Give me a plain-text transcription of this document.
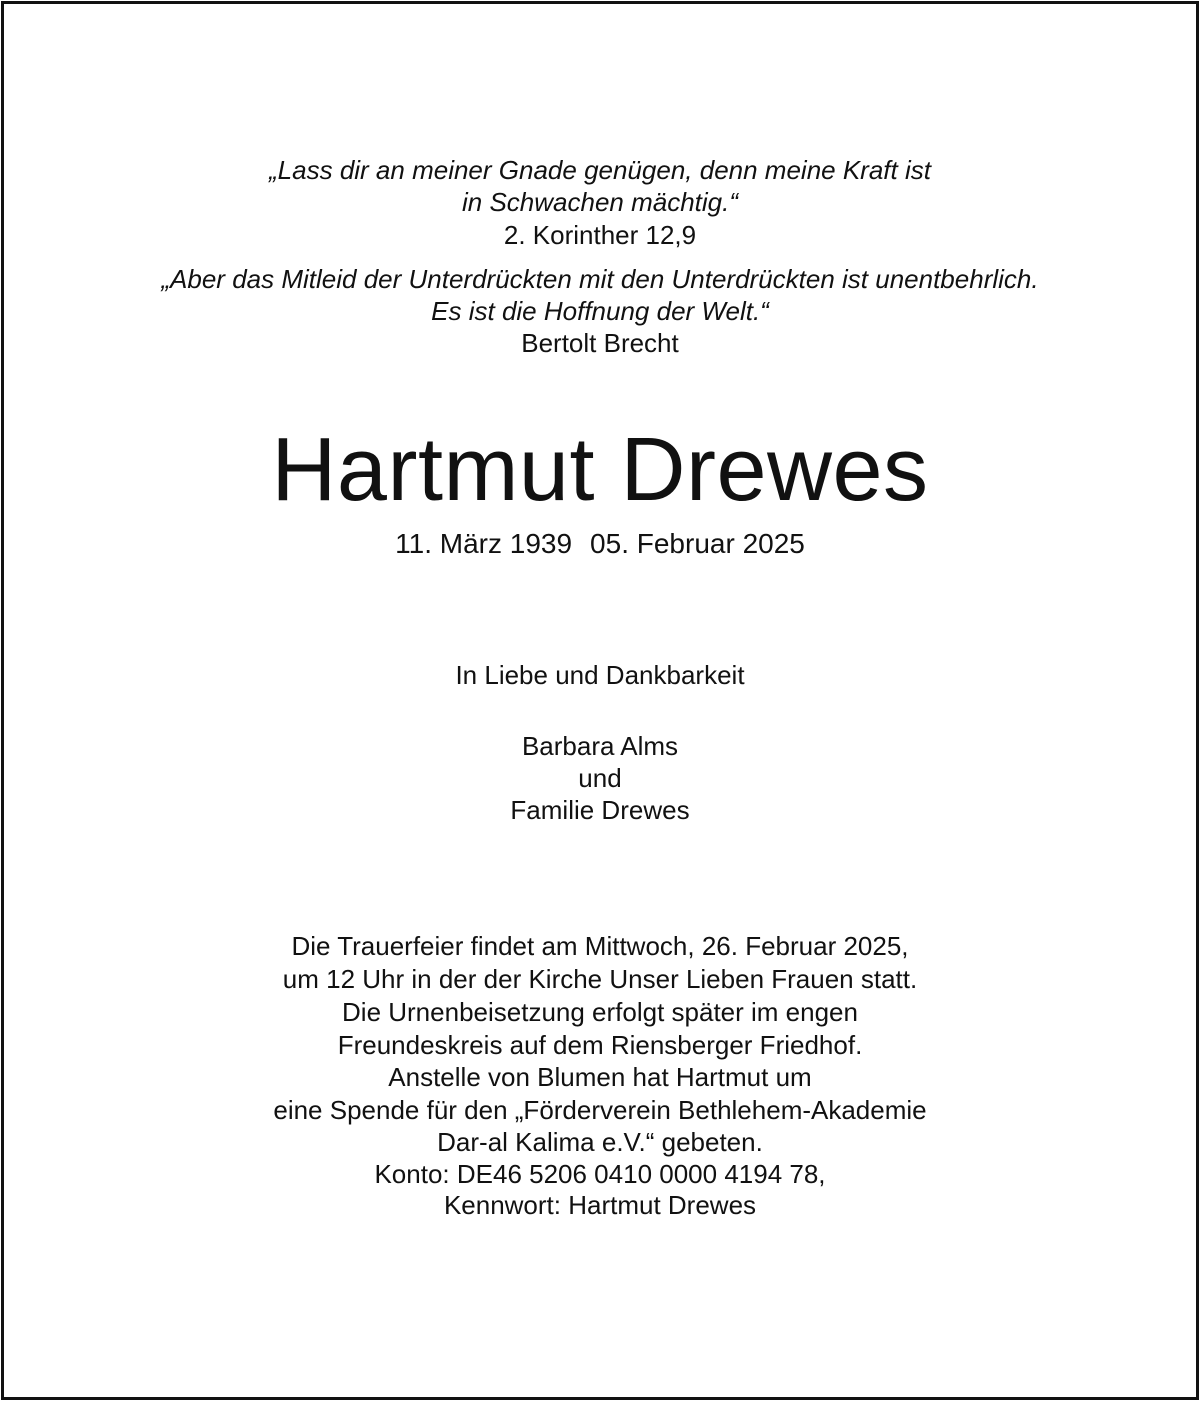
„Lass dir an meiner Gnade genügen, denn meine Kraft ist
in Schwachen mächtig.“
2. Korinther 12,9
„Aber das Mitleid der Unterdrückten mit den Unterdrückten ist unentbehrlich.
Es ist die Hoffnung der Welt.“
Bertolt Brecht
Hartmut Drewes
11. März 1939 05. Februar 2025
In Liebe und Dankbarkeit
Barbara Alms
und
Familie Drewes
Die Trauerfeier findet am Mittwoch, 26. Februar 2025,
um 12 Uhr in der der Kirche Unser Lieben Frauen statt.
Die Urnenbeisetzung erfolgt später im engen
Freundeskreis auf dem Riensberger Friedhof.
Anstelle von Blumen hat Hartmut um
eine Spende für den „Förderverein Bethlehem-Akademie
Dar-al Kalima e.V.“ gebeten.
Konto: DE46 5206 0410 0000 4194 78,
Kennwort: Hartmut Drewes
